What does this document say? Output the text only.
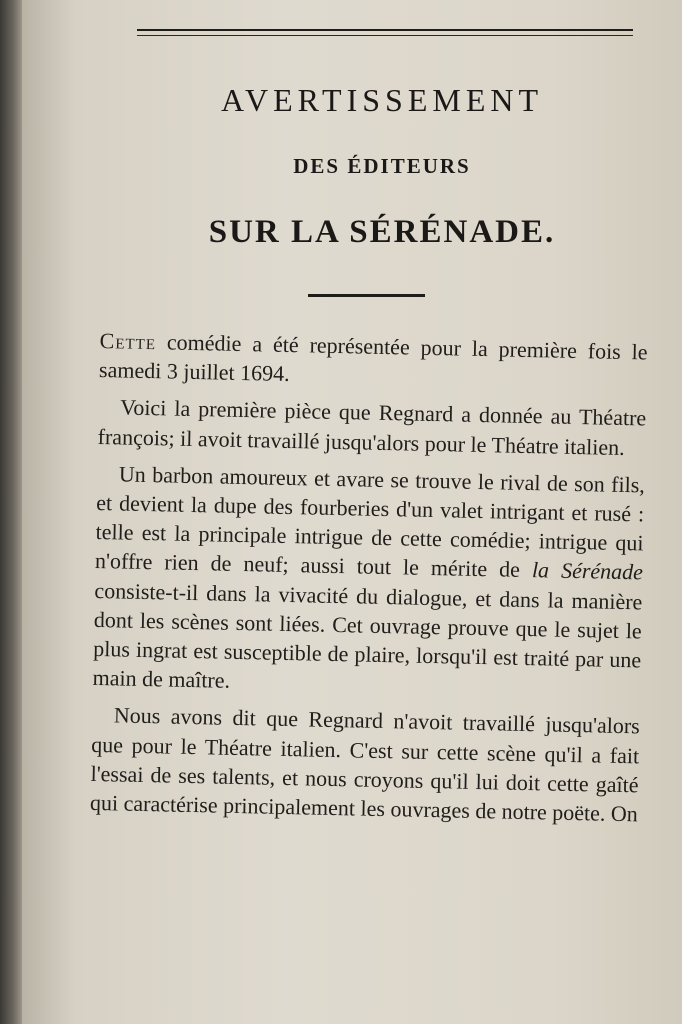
AVERTISSEMENT
DES ÉDITEURS
SUR LA SÉRÉNADE.

Cette comédie a été représentée pour la première fois le samedi 3 juillet 1694.

Voici la première pièce que Regnard a donnée au Théatre françois; il avoit travaillé jusqu'alors pour le Théatre italien.

Un barbon amoureux et avare se trouve le rival de son fils, et devient la dupe des fourberies d'un valet intrigant et rusé : telle est la principale intrigue de cette comédie; intrigue qui n'offre rien de neuf; aussi tout le mérite de la Sérénade consiste-t-il dans la vivacité du dialogue, et dans la manière dont les scènes sont liées. Cet ouvrage prouve que le sujet le plus ingrat est susceptible de plaire, lorsqu'il est traité par une main de maître.

Nous avons dit que Regnard n'avoit travaillé jusqu'alors que pour le Théatre italien. C'est sur cette scène qu'il a fait l'essai de ses talents, et nous croyons qu'il lui doit cette gaîté qui caractérise principalement les ouvrages de notre poëte. On
